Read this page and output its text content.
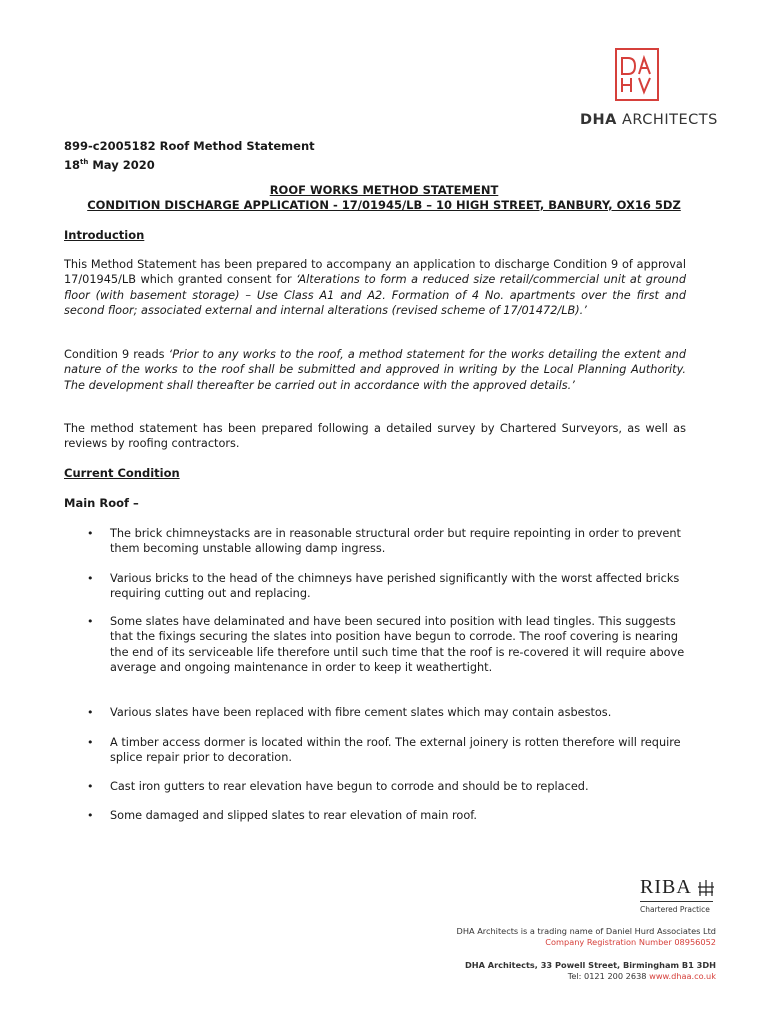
DHA ARCHITECTS
899-c2005182 Roof Method Statement
18th May 2020
ROOF WORKS METHOD STATEMENT
CONDITION DISCHARGE APPLICATION - 17/01945/LB – 10 HIGH STREET, BANBURY, OX16 5DZ
Introduction
This Method Statement has been prepared to accompany an application to discharge Condition 9 of approval 17/01945/LB which granted consent for ‘Alterations to form a reduced size retail/commercial unit at ground floor (with basement storage) – Use Class A1 and A2. Formation of 4 No. apartments over the first and second floor; associated external and internal alterations (revised scheme of 17/01472/LB).’
Condition 9 reads ‘Prior to any works to the roof, a method statement for the works detailing the extent and nature of the works to the roof shall be submitted and approved in writing by the Local Planning Authority. The development shall thereafter be carried out in accordance with the approved details.’
The method statement has been prepared following a detailed survey by Chartered Surveyors, as well as reviews by roofing contractors.
Current Condition
Main Roof –
• The brick chimneystacks are in reasonable structural order but require repointing in order to prevent them becoming unstable allowing damp ingress.
• Various bricks to the head of the chimneys have perished significantly with the worst affected bricks requiring cutting out and replacing.
• Some slates have delaminated and have been secured into position with lead tingles. This suggests that the fixings securing the slates into position have begun to corrode. The roof covering is nearing the end of its serviceable life therefore until such time that the roof is re-covered it will require above average and ongoing maintenance in order to keep it weathertight.
• Various slates have been replaced with fibre cement slates which may contain asbestos.
• A timber access dormer is located within the roof. The external joinery is rotten therefore will require splice repair prior to decoration.
• Cast iron gutters to rear elevation have begun to corrode and should be to replaced.
• Some damaged and slipped slates to rear elevation of main roof.
RIBA
Chartered Practice
DHA Architects is a trading name of Daniel Hurd Associates Ltd
Company Registration Number 08956052
DHA Architects, 33 Powell Street, Birmingham B1 3DH
Tel: 0121 200 2638 www.dhaa.co.uk
